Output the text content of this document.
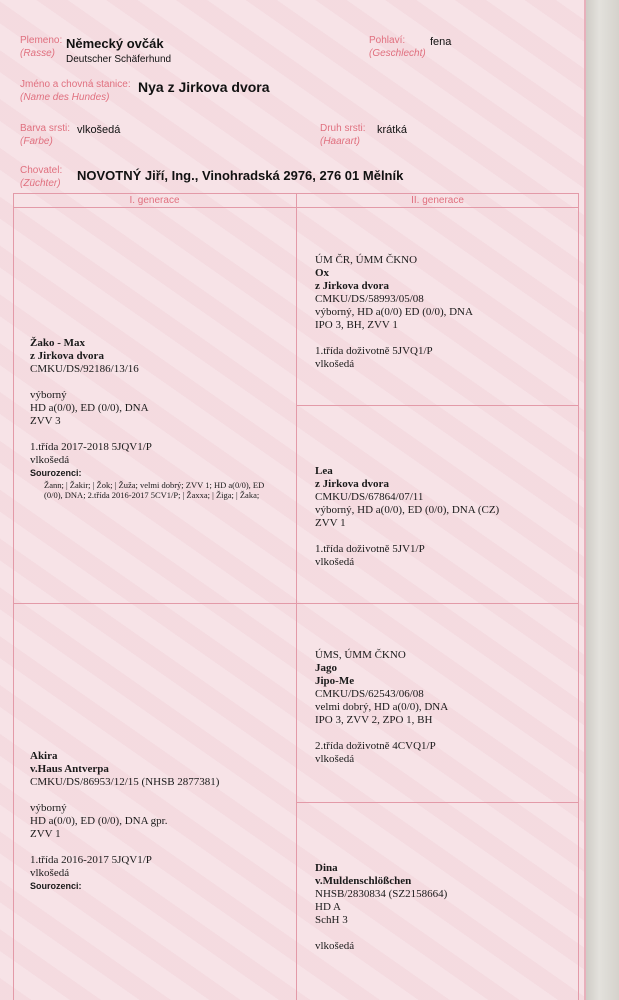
Plemeno:
(Rasse)
Německý ovčák
Deutscher Schäferhund
Pohlaví:
(Geschlecht)
fena
Jméno a chovná stanice:
(Name des Hundes)
Nya z Jirkova dvora
Barva srsti:
(Farbe)
vlkošedá	Druh srsti:
(Haarart)
krátká
Chovatel:
(Züchter)
NOVOTNÝ Jiří, Ing., Vinohradská 2976, 276 01 Mělník
I. generace	II. generace
Žako - Max
z Jirkova dvora
CMKU/DS/92186/13/16
výborný
HD a(0/0), ED (0/0), DNA
ZVV 3
1.třída 2017-2018 5JQV1/P
vlkošedá
Sourozenci:
Žann; | Žakir; | Žok; | Žuža; velmi dobrý; ZVV 1; HD a(0/0), ED (0/0), DNA; 2.třída 2016-2017 5CV1/P; | Žaxxa; | Žiga; | Žaka;
ÚM ČR, ÚMM ČKNO
Ox
z Jirkova dvora
CMKU/DS/58993/05/08
výborný, HD a(0/0) ED (0/0), DNA
IPO 3, BH, ZVV 1
1.třída doživotně 5JVQ1/P
vlkošedá
Lea
z Jirkova dvora
CMKU/DS/67864/07/11
výborný, HD a(0/0), ED (0/0), DNA (CZ)
ZVV 1
1.třída doživotně 5JV1/P
vlkošedá
Akira
v.Haus Antverpa
CMKU/DS/86953/12/15 (NHSB 2877381)
výborný
HD a(0/0), ED (0/0), DNA gpr.
ZVV 1
1.třída 2016-2017 5JQV1/P
vlkošedá
Sourozenci:
ÚMS, ÚMM ČKNO
Jago
Jipo-Me
CMKU/DS/62543/06/08
velmi dobrý, HD a(0/0), DNA
IPO 3, ZVV 2, ZPO 1, BH
2.třída doživotně 4CVQ1/P
vlkošedá
Dina
v.Muldenschlößchen
NHSB/2830834 (SZ2158664)
HD A
SchH 3
vlkošedá
